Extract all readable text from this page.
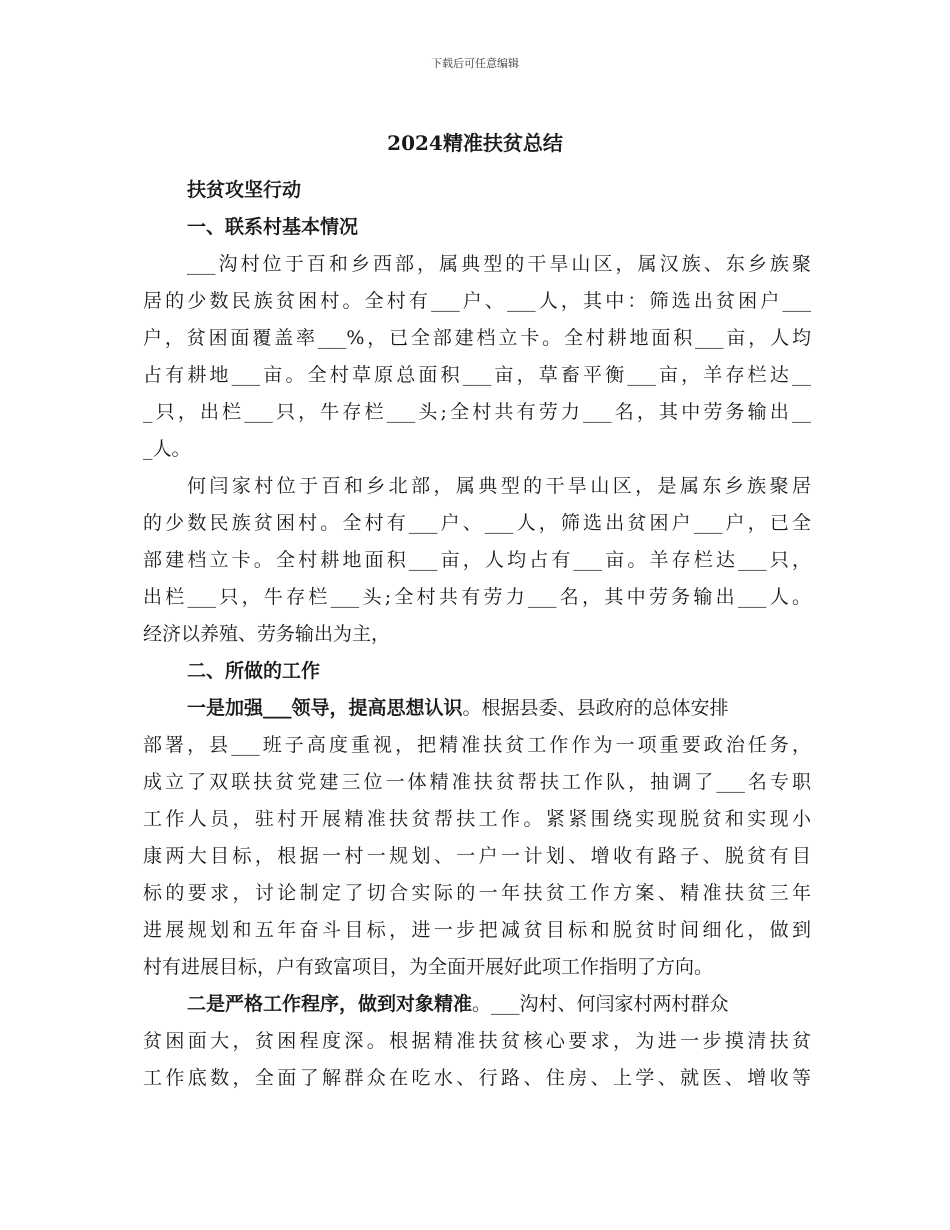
下载后可任意编辑
2024精准扶贫总结
扶贫攻坚行动
一、联系村基本情况
___沟村位于百和乡西部，属典型的干旱山区，属汉族、东乡族聚
居的少数民族贫困村。全村有___户、___人，其中：筛选出贫困户___
户，贫困面覆盖率___%，已全部建档立卡。全村耕地面积___亩，人均
占有耕地___亩。全村草原总面积___亩，草畜平衡___亩，羊存栏达__
_只，出栏___只，牛存栏___头;全村共有劳力___名，其中劳务输出__
_人。
何闫家村位于百和乡北部，属典型的干旱山区，是属东乡族聚居
的少数民族贫困村。全村有___户、___人，筛选出贫困户___户，已全
部建档立卡。全村耕地面积___亩，人均占有___亩。羊存栏达___只，
出栏___只，牛存栏___头;全村共有劳力___名，其中劳务输出___人。
经济以养殖、劳务输出为主，
二、所做的工作
一是加强___领导，提高思想认识。根据县委、县政府的总体安排
部署，县___班子高度重视，把精准扶贫工作作为一项重要政治任务，
成立了双联扶贫党建三位一体精准扶贫帮扶工作队，抽调了___名专职
工作人员，驻村开展精准扶贫帮扶工作。紧紧围绕实现脱贫和实现小
康两大目标，根据一村一规划、一户一计划、增收有路子、脱贫有目
标的要求，讨论制定了切合实际的一年扶贫工作方案、精准扶贫三年
进展规划和五年奋斗目标，进一步把减贫目标和脱贫时间细化，做到
村有进展目标，户有致富项目，为全面开展好此项工作指明了方向。
二是严格工作程序，做到对象精准。___沟村、何闫家村两村群众
贫困面大，贫困程度深。根据精准扶贫核心要求，为进一步摸清扶贫
工作底数，全面了解群众在吃水、行路、住房、上学、就医、增收等
